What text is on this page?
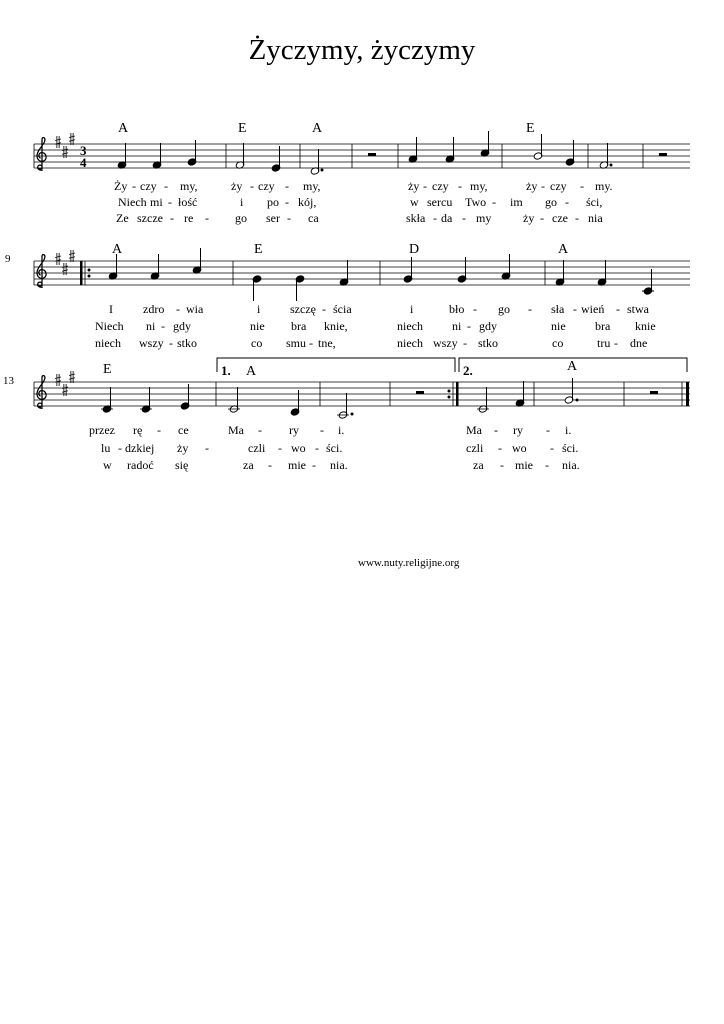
Życzymy, życzymy
3
4
A	E	A	E
Ży - czy - my,	ży - czy - my,	ży - czy - my,	ży - czy - my.
Niech mi - łość	i po - kój,	w sercu Two - im go - ści,
Ze szcze - re - go ser - ca	skła - da - my	ży - cze - nia
9
A	E	D	A
I	zdro - wia	i szczę - ścia	i	bło - go - sła - wień - stwa
Niech ni - gdy	nie bra knie,	niech ni - gdy	nie bra knie
niech wszy - stko	co smu - tne,	niech wszy - stko	co	tru - dne
13
1.	2.
E	A	A
przez rę - ce	Ma - ry - i.	Ma - ry - i.
lu - dzkiej ży -	czli - wo - ści.	czli - wo - ści.
w radoć się	za - mie - nia.	za - mie - nia.
www.nuty.religijne.org
